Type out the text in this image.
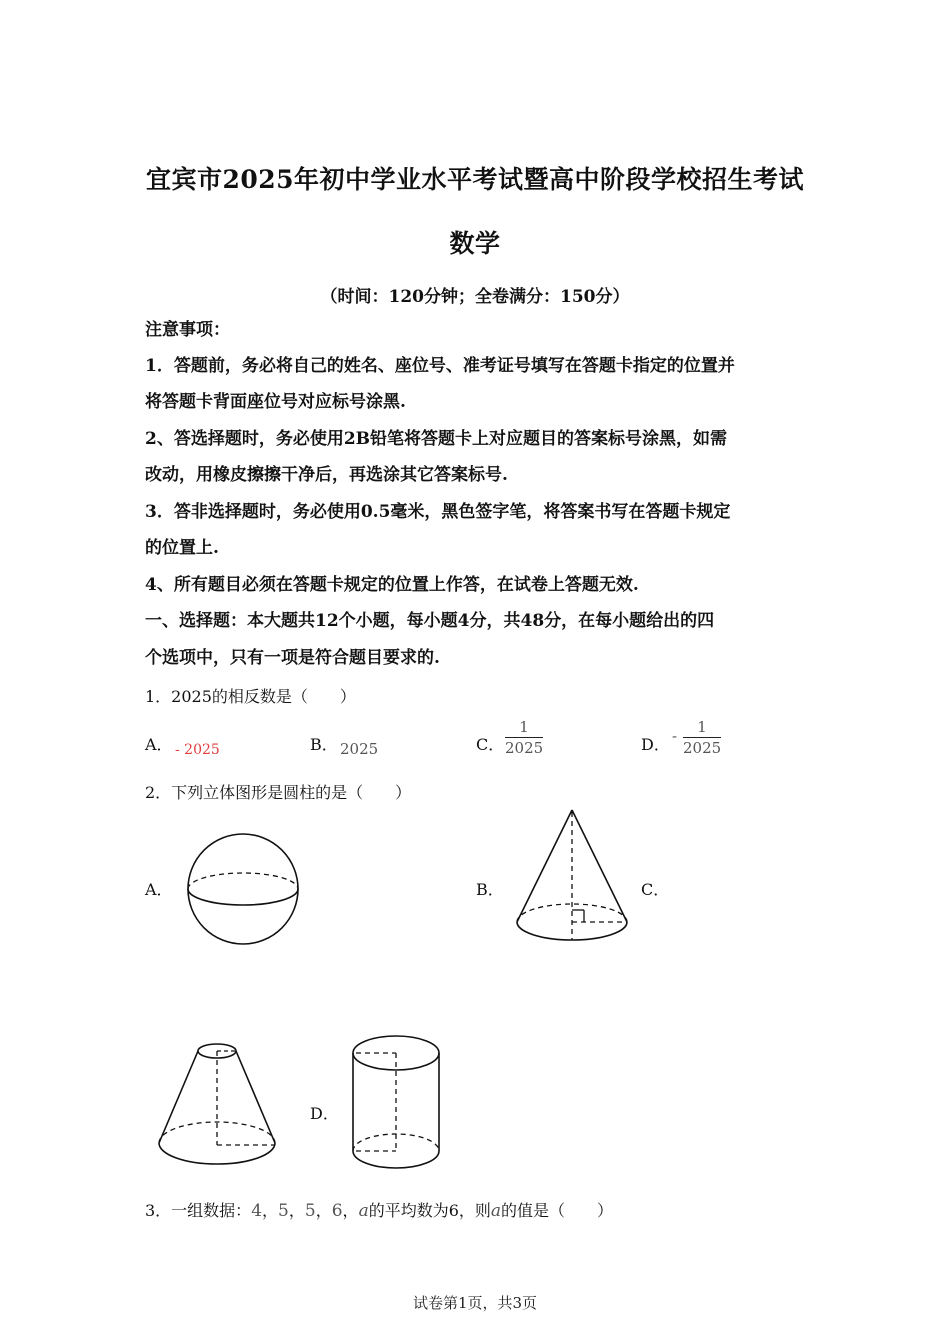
宜宾市2025年初中学业水平考试暨高中阶段学校招生考试
数学
（时间：120分钟；全卷满分：150分）
注意事项：
1．答题前，务必将自己的姓名、座位号、准考证号填写在答题卡指定的位置并
将答题卡背面座位号对应标号涂黑.
2、答选择题时，务必使用2B铅笔将答题卡上对应题目的答案标号涂黑，如需
改动，用橡皮擦擦干净后，再选涂其它答案标号.
3．答非选择题时，务必使用0.5毫米，黑色签字笔，将答案书写在答题卡规定
的位置上.
4、所有题目必须在答题卡规定的位置上作答，在试卷上答题无效.
一、选择题：本大题共12个小题，每小题4分，共48分，在每小题给出的四
个选项中，只有一项是符合题目要求的.
1．2025的相反数是（　　）
A． - 2025	B． 2025	C．
1
2025	D． -	1
2025
2．下列立体图形是圆柱的是（　　）
A．	B．	C．
D．
3．一组数据：4，5，5，6，a的平均数为6，则a的值是（　　）
试卷第1页，共3页
